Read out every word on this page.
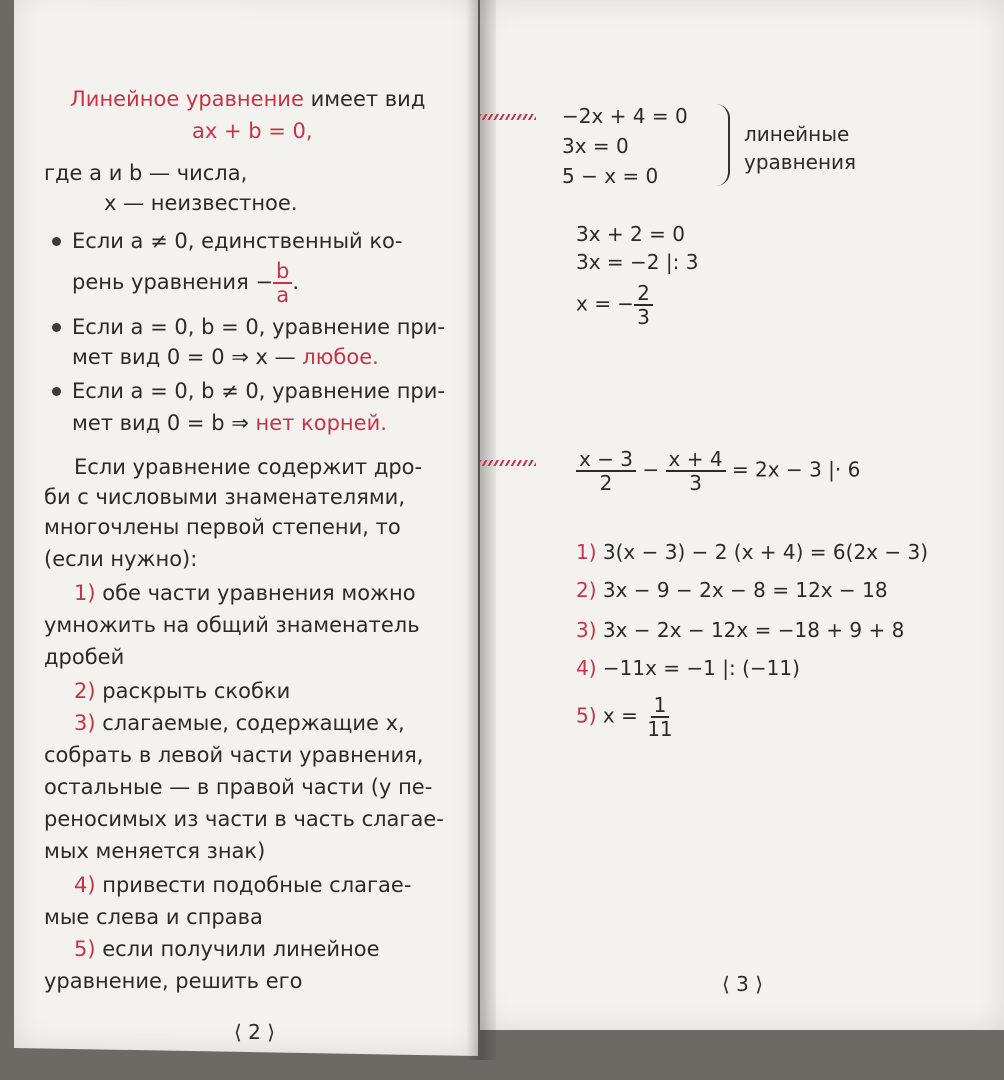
Линейное уравнение имеет вид
ax + b = 0,
где a и b — числа,
x — неизвестное.
Если a ≠ 0, единственный ко-
рень уравнения − $\frac{b}{a}$ .
Если a = 0, b = 0, уравнение при-
мет вид 0 = 0 ⇒ x — любое.
Если a = 0, b ≠ 0, уравнение при-
мет вид 0 = b ⇒ нет корней.
Если уравнение содержит дро-
би с числовыми знаменателями,
многочлены первой степени, то
(если нужно):
1) обе части уравнения можно
умножить на общий знаменатель
дробей
2) раскрыть скобки
3) слагаемые, содержащие x,
собрать в левой части уравнения,
остальные — в правой части (у пе-
реносимых из части в часть слагае-
мых меняется знак)
4) привести подобные слагае-
мые слева и справа
5) если получили линейное
уравнение, решить его
⟨ 2 ⟩
−2x + 4 = 0
3x = 0
5 − x = 0
линейные
уравнения
3x + 2 = 0
3x = −2 |: 3
x = − $\frac{2}{3}$
$\frac{x - 3}{2} - \frac{x + 4}{3} = 2x - 3$ |· 6
1) 3(x − 3) − 2 (x + 4) = 6(2x − 3)
2) 3x − 9 − 2x − 8 = 12x − 18
3) 3x − 2x − 12x = −18 + 9 + 8
4) −11x = −1 |: (−11)
5) $x = \frac{1}{11}$
⟨ 3 ⟩
